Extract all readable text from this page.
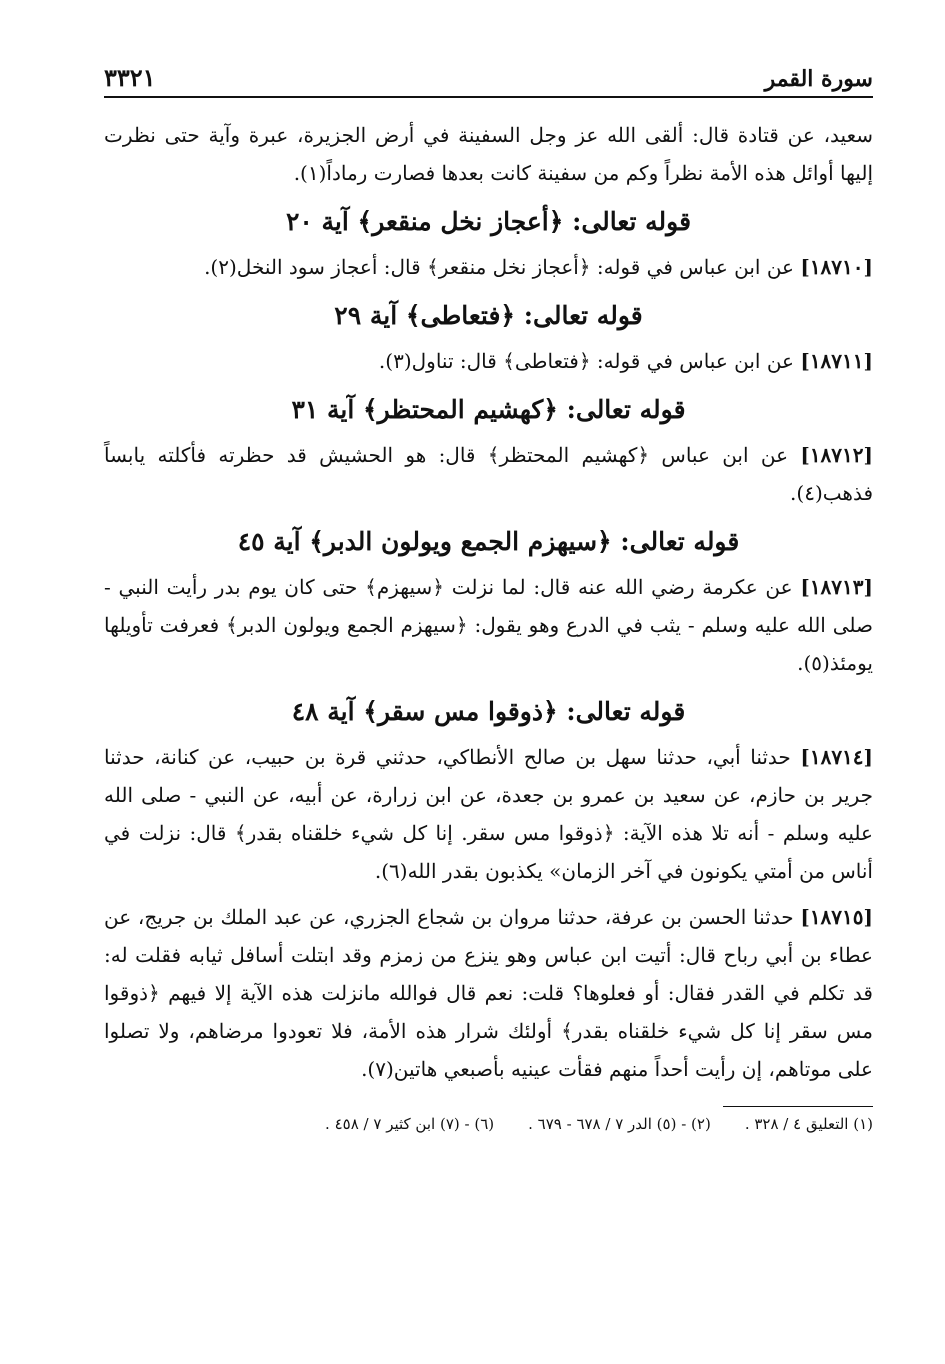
سورة القمر
٣٣٢١

سعيد، عن قتادة قال: ألقى الله عز وجل السفينة في أرض الجزيرة، عبرة وآية حتى نظرت إليها أوائل هذه الأمة نظراً وكم من سفينة كانت بعدها فصارت رماداً(١).

قوله تعالى: ﴿أعجاز نخل منقعر﴾ آية ٢٠

[١٨٧١٠] عن ابن عباس في قوله: ﴿أعجاز نخل منقعر﴾ قال: أعجاز سود النخل(٢).

قوله تعالى: ﴿فتعاطى﴾ آية ٢٩

[١٨٧١١] عن ابن عباس في قوله: ﴿فتعاطى﴾ قال: تناول(٣).

قوله تعالى: ﴿كهشيم المحتظر﴾ آية ٣١

[١٨٧١٢] عن ابن عباس ﴿كهشيم المحتظر﴾ قال: هو الحشيش قد حظرته فأكلته يابساً فذهب(٤).

قوله تعالى: ﴿سيهزم الجمع ويولون الدبر﴾ آية ٤٥

[١٨٧١٣] عن عكرمة رضي الله عنه قال: لما نزلت ﴿سيهزم﴾ حتى كان يوم بدر رأيت النبي - صلى الله عليه وسلم - يثب في الدرع وهو يقول: ﴿سيهزم الجمع ويولون الدبر﴾ فعرفت تأويلها يومئذ(٥).

قوله تعالى: ﴿ذوقوا مس سقر﴾ آية ٤٨

[١٨٧١٤] حدثنا أبي، حدثنا سهل بن صالح الأنطاكي، حدثني قرة بن حبيب، عن كنانة، حدثنا جرير بن حازم، عن سعيد بن عمرو بن جعدة، عن ابن زرارة، عن أبيه، عن النبي - صلى الله عليه وسلم - أنه تلا هذه الآية: ﴿ذوقوا مس سقر. إنا كل شيء خلقناه بقدر﴾ قال: نزلت في أناس من أمتي يكونون في آخر الزمان» يكذبون بقدر الله(٦).

[١٨٧١٥] حدثنا الحسن بن عرفة، حدثنا مروان بن شجاع الجزري، عن عبد الملك بن جريج، عن عطاء بن أبي رباح قال: أتيت ابن عباس وهو ينزع من زمزم وقد ابتلت أسافل ثيابه فقلت له: قد تكلم في القدر فقال: أو فعلوها؟ قلت: نعم قال فوالله مانزلت هذه الآية إلا فيهم ﴿ذوقوا مس سقر إنا كل شيء خلقناه بقدر﴾ أولئك شرار هذه الأمة، فلا تعودوا مرضاهم، ولا تصلوا على موتاهم، إن رأيت أحداً منهم فقأت عينيه بأصبعي هاتين(٧).

(١) التعليق ٤ / ٣٢٨ .
(٢) - (٥) الدر ٧ / ٦٧٨ - ٦٧٩ .
(٦) - (٧) ابن كثير ٧ / ٤٥٨ .
